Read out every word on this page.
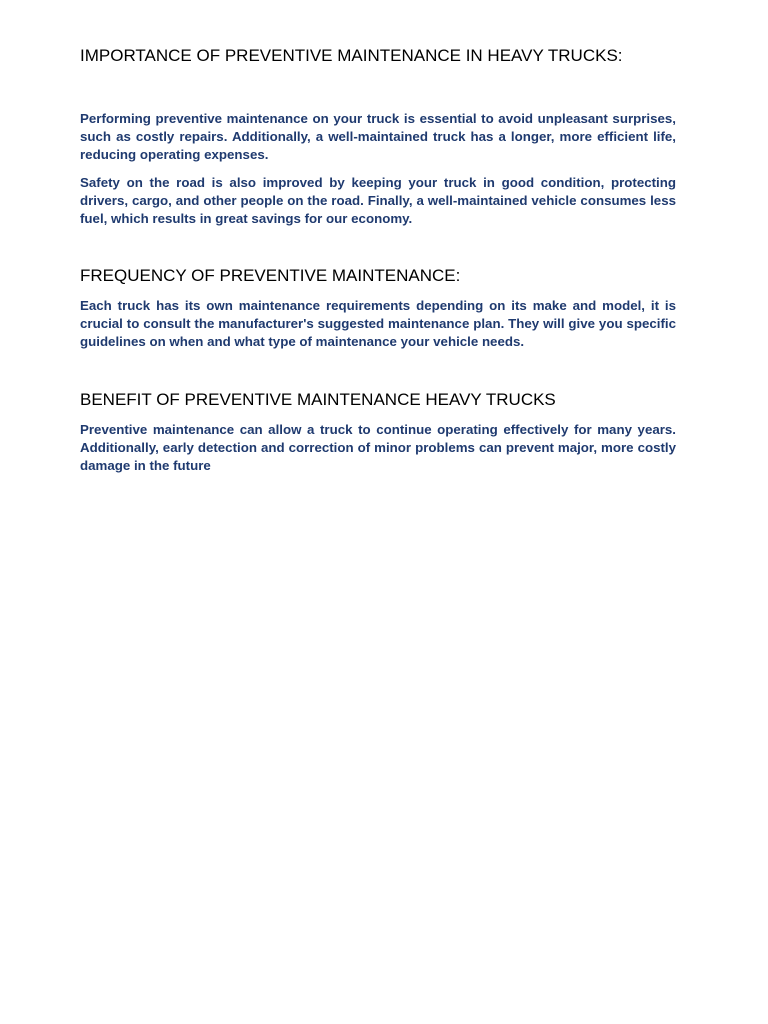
IMPORTANCE OF PREVENTIVE MAINTENANCE IN HEAVY TRUCKS:

Performing preventive maintenance on your truck is essential to avoid unpleasant surprises, such as costly repairs. Additionally, a well-maintained truck has a longer, more efficient life, reducing operating expenses.

Safety on the road is also improved by keeping your truck in good condition, protecting drivers, cargo, and other people on the road. Finally, a well-maintained vehicle consumes less fuel, which results in great savings for our economy.

FREQUENCY OF PREVENTIVE MAINTENANCE:

Each truck has its own maintenance requirements depending on its make and model, it is crucial to consult the manufacturer's suggested maintenance plan. They will give you specific guidelines on when and what type of maintenance your vehicle needs.

BENEFIT OF PREVENTIVE MAINTENANCE HEAVY TRUCKS

Preventive maintenance can allow a truck to continue operating effectively for many years. Additionally, early detection and correction of minor problems can prevent major, more costly damage in the future
